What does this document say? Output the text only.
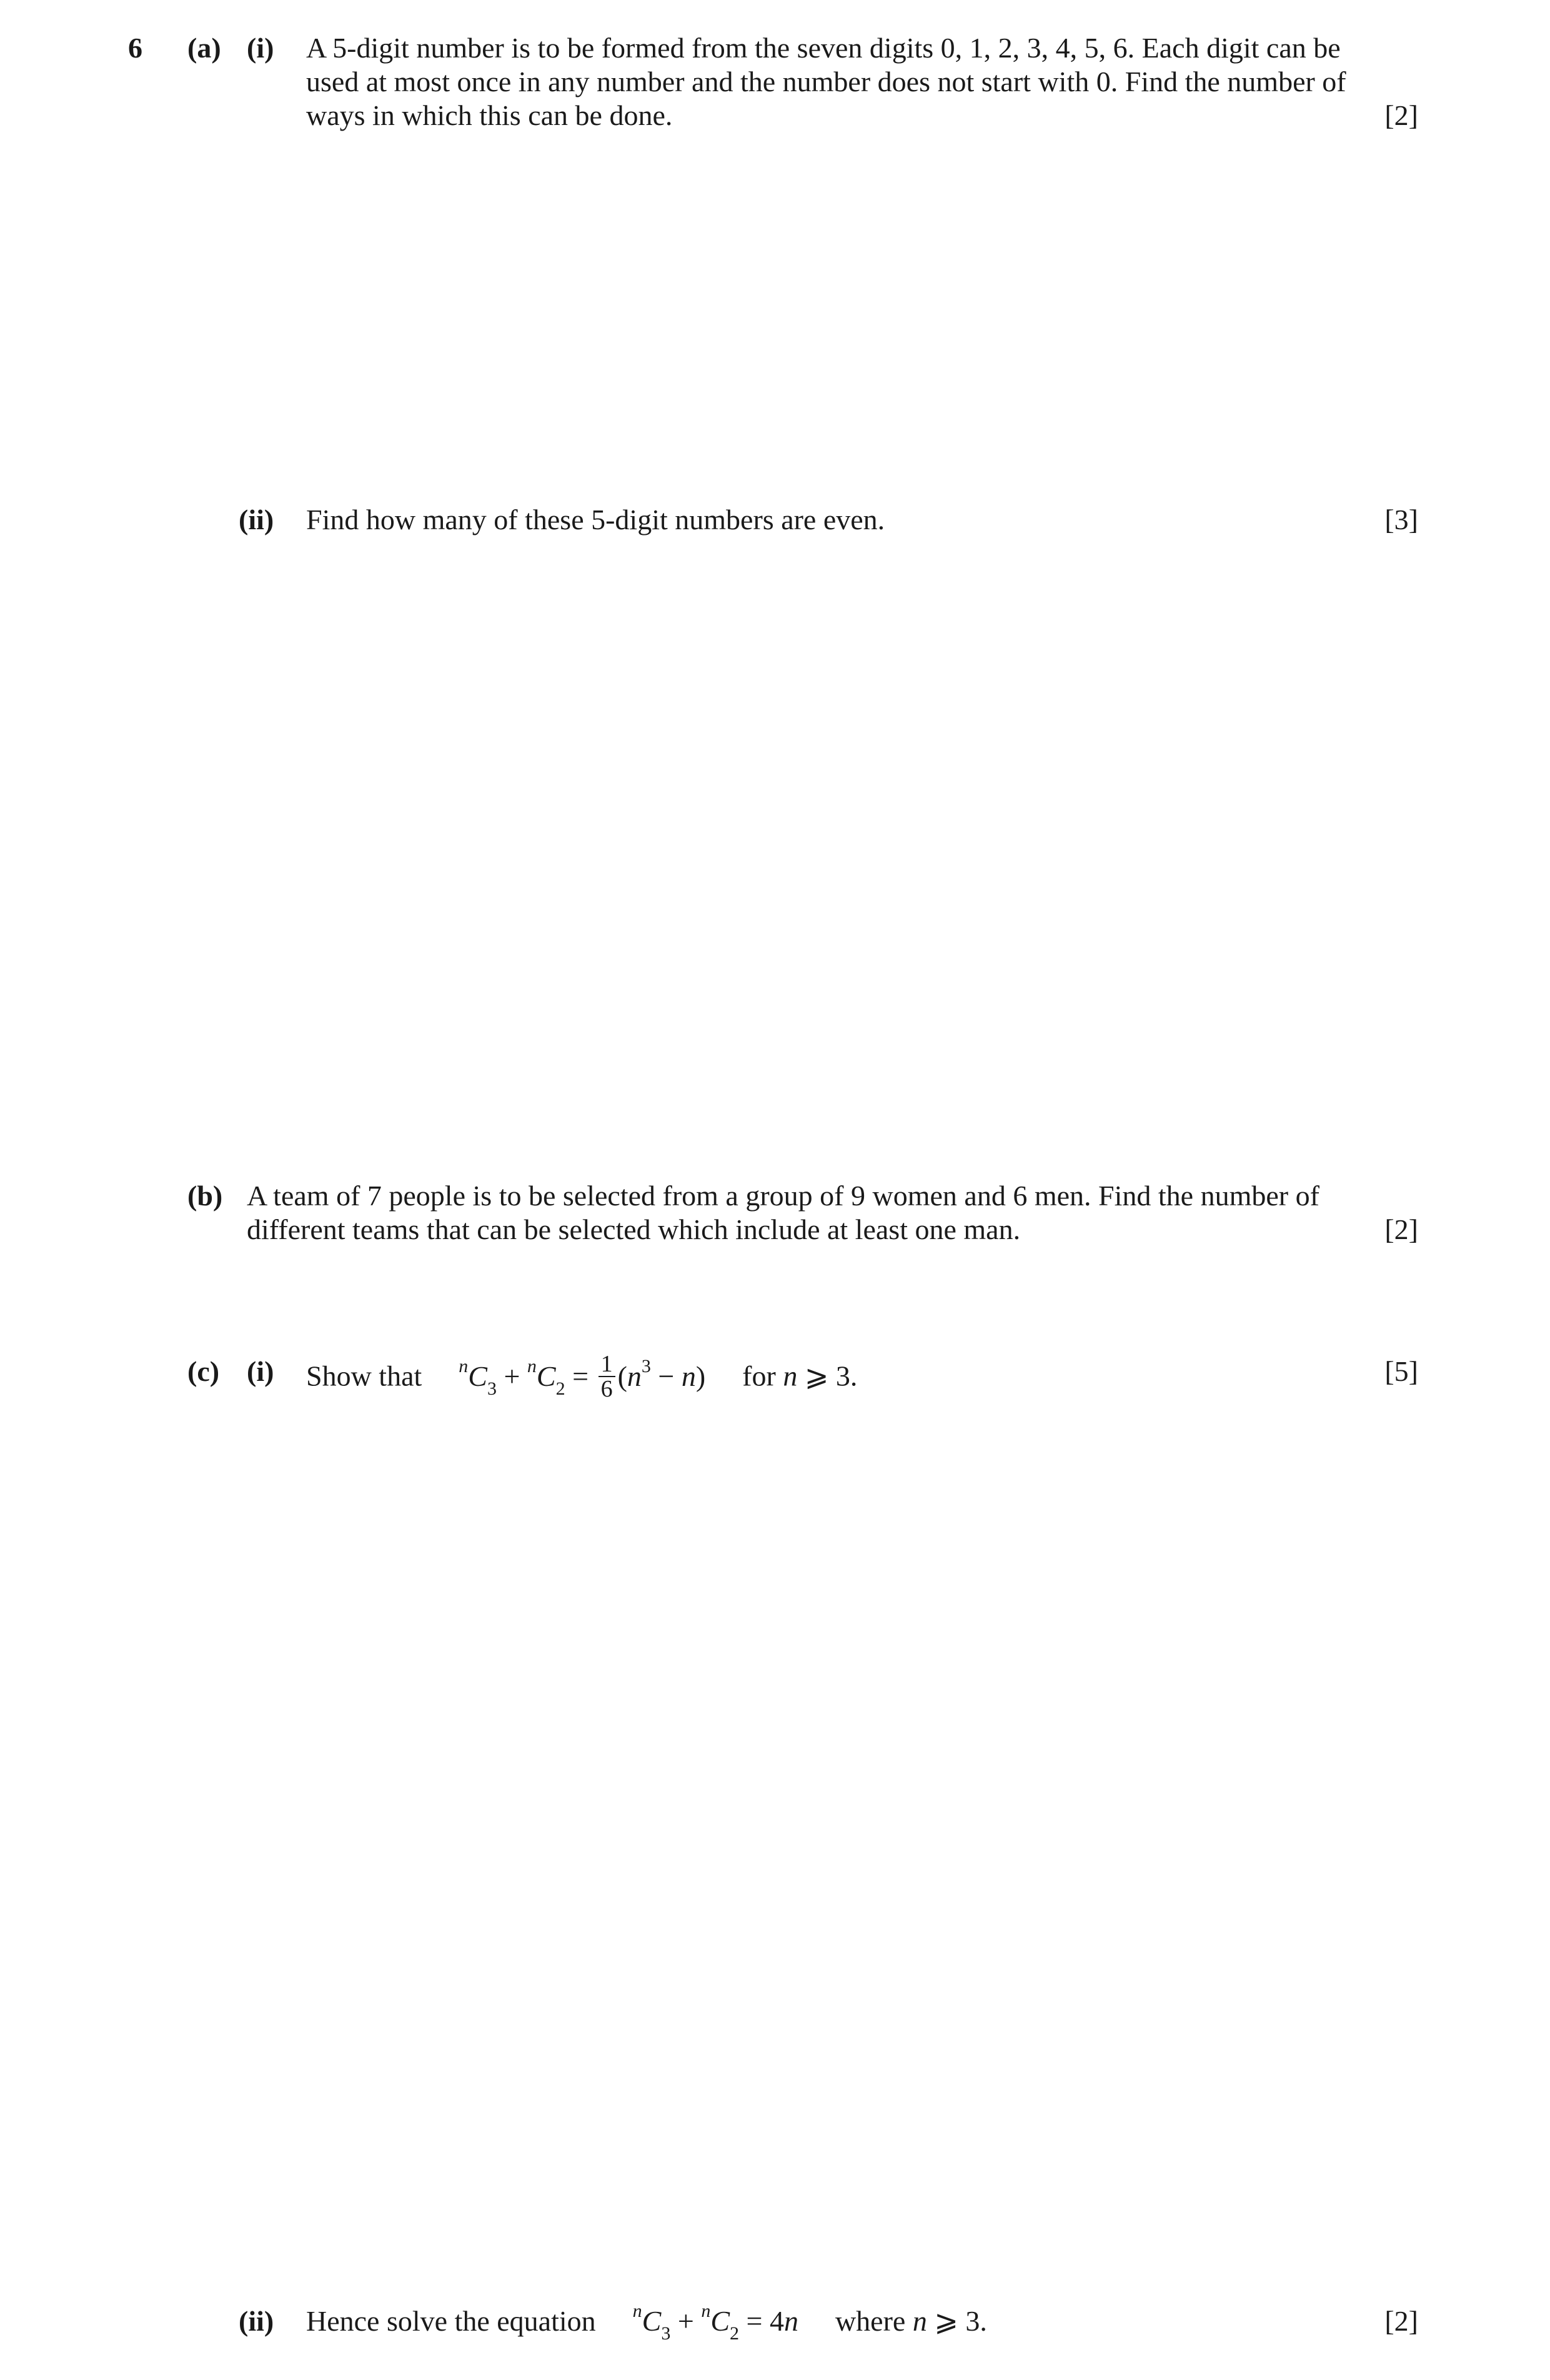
6 (a) (i) A 5-digit number is to be formed from the seven digits 0, 1, 2, 3, 4, 5, 6. Each digit can be
used at most once in any number and the number does not start with 0. Find the number of
ways in which this can be done.	[2]
(ii) Find how many of these 5-digit numbers are even.	[3]
(b) A team of 7 people is to be selected from a group of 9 women and 6 men. Find the number of
different teams that can be selected which include at least one man.	[2]
(c) (i) Show that $^nC_3 + ^nC_2 = \frac{1}{6} (n^3 - n)$ for n ⩾ 3.	[5]
(ii) Hence solve the equation $^nC_3 + ^nC_2 = 4n$ where n ⩾ 3.	[2]
